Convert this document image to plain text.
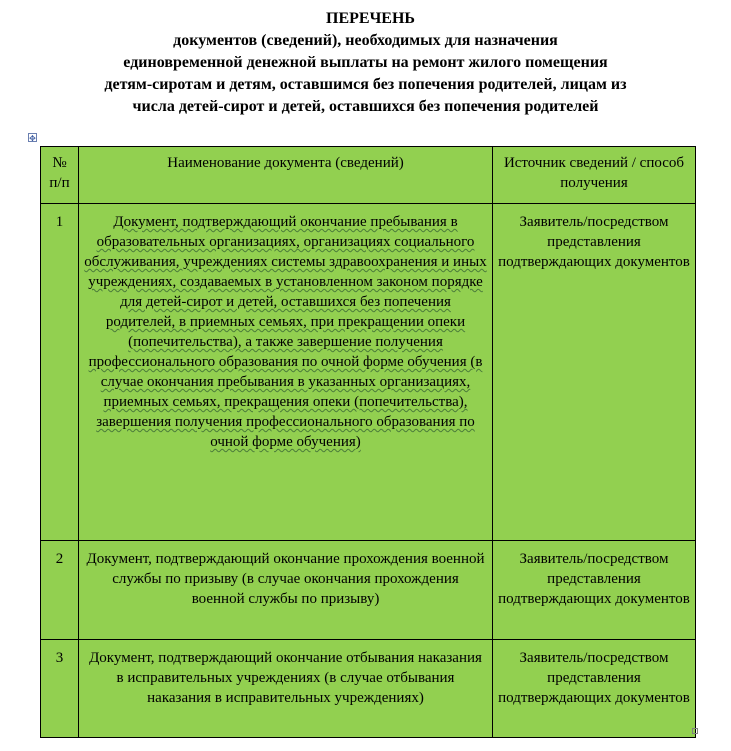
ПЕРЕЧЕНЬ
документов (сведений), необходимых для назначения
единовременной денежной выплаты на ремонт жилого помещения
детям-сиротам и детям, оставшимся без попечения родителей, лицам из
числа детей-сирот и детей, оставшихся без попечения родителей
✥
№ п/п	Наименование документа (сведений)	Источник сведений / способ получения
1	Документ, подтверждающий окончание пребывания в образовательных организациях, организациях социального обслуживания, учреждениях системы здравоохранения и иных учреждениях, создаваемых в установленном законом порядке для детей-сирот и детей, оставшихся без попечения родителей, в приемных семьях, при прекращении опеки (попечительства), а также завершение получения профессионального образования по очной форме обучения (в случае окончания пребывания в указанных организациях, приемных семьях, прекращения опеки (попечительства), завершения получения профессионального образования по очной форме обучения)	Заявитель/посредством представления подтверждающих документов
2	Документ, подтверждающий окончание прохождения военной службы по призыву (в случае окончания прохождения военной службы по призыву)	Заявитель/посредством представления подтверждающих документов
3	Документ, подтверждающий окончание отбывания наказания в исправительных учреждениях (в случае отбывания наказания в исправительных учреждениях)	Заявитель/посредством представления подтверждающих документов
